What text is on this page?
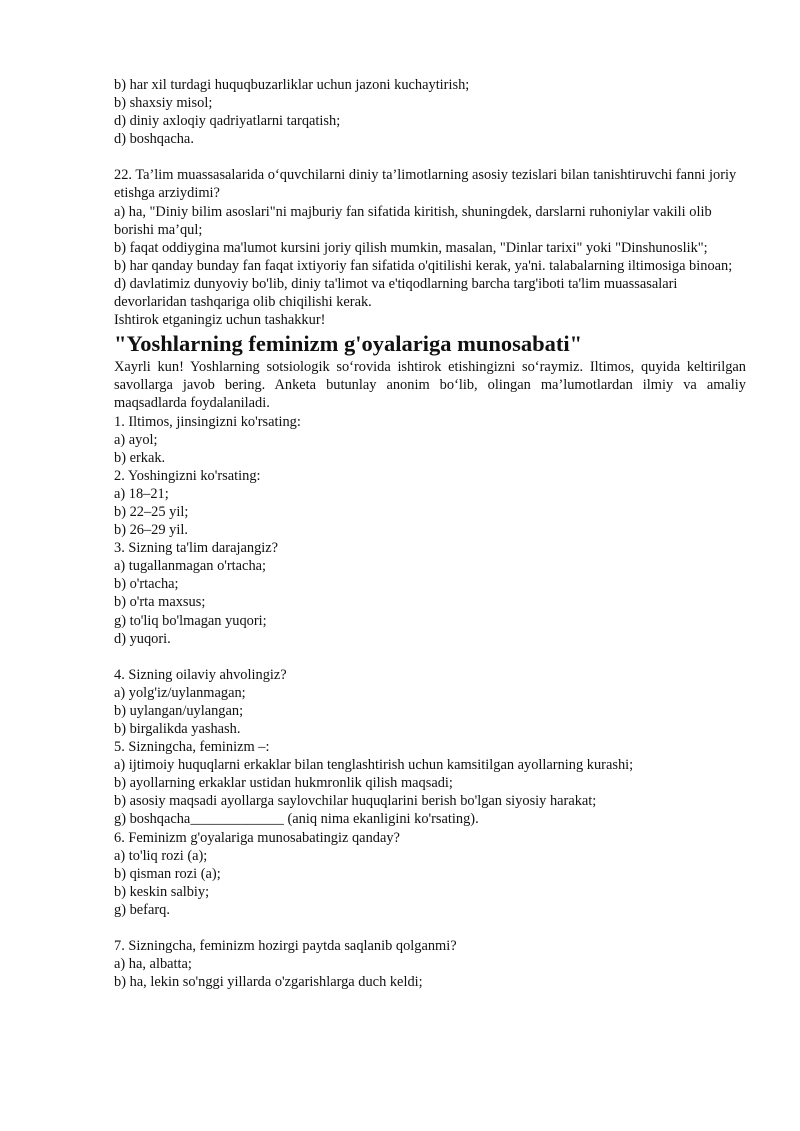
b) har xil turdagi huquqbuzarliklar uchun jazoni kuchaytirish;
b) shaxsiy misol;
d) diniy axloqiy qadriyatlarni tarqatish;
d) boshqacha.
22. Ta’lim muassasalarida o‘quvchilarni diniy ta’limotlarning asosiy tezislari bilan tanishtiruvchi fanni joriy etishga arziydimi?
a) ha, "Diniy bilim asoslari"ni majburiy fan sifatida kiritish, shuningdek, darslarni ruhoniylar vakili olib borishi ma’qul;
b) faqat oddiygina ma'lumot kursini joriy qilish mumkin, masalan, "Dinlar tarixi" yoki "Dinshunoslik";
b) har qanday bunday fan faqat ixtiyoriy fan sifatida o'qitilishi kerak, ya'ni. talabalarning iltimosiga binoan;
d) davlatimiz dunyoviy bo'lib, diniy ta'limot va e'tiqodlarning barcha targ'iboti ta'lim muassasalari devorlaridan tashqariga olib chiqilishi kerak.
Ishtirok etganingiz uchun tashakkur!
"Yoshlarning feminizm g'oyalariga munosabati"
Xayrli kun! Yoshlarning sotsiologik so‘rovida ishtirok etishingizni so‘raymiz. Iltimos, quyida keltirilgan savollarga javob bering. Anketa butunlay anonim bo‘lib, olingan ma’lumotlardan ilmiy va amaliy maqsadlarda foydalaniladi.
1. Iltimos, jinsingizni ko'rsating:
a) ayol;
b) erkak.
2. Yoshingizni ko'rsating:
a) 18–21;
b) 22–25 yil;
b) 26–29 yil.
3. Sizning ta'lim darajangiz?
a) tugallanmagan o'rtacha;
b) o'rtacha;
b) o'rta maxsus;
g) to'liq bo'lmagan yuqori;
d) yuqori.
4. Sizning oilaviy ahvolingiz?
a) yolg'iz/uylanmagan;
b) uylangan/uylangan;
b) birgalikda yashash.
5. Sizningcha, feminizm –:
a) ijtimoiy huquqlarni erkaklar bilan tenglashtirish uchun kamsitilgan ayollarning kurashi;
b) ayollarning erkaklar ustidan hukmronlik qilish maqsadi;
b) asosiy maqsadi ayollarga saylovchilar huquqlarini berish bo'lgan siyosiy harakat;
g) boshqacha_____________ (aniq nima ekanligini ko'rsating).
6. Feminizm g'oyalariga munosabatingiz qanday?
a) to'liq rozi (a);
b) qisman rozi (a);
b) keskin salbiy;
g) befarq.
7. Sizningcha, feminizm hozirgi paytda saqlanib qolganmi?
a) ha, albatta;
b) ha, lekin so'nggi yillarda o'zgarishlarga duch keldi;
